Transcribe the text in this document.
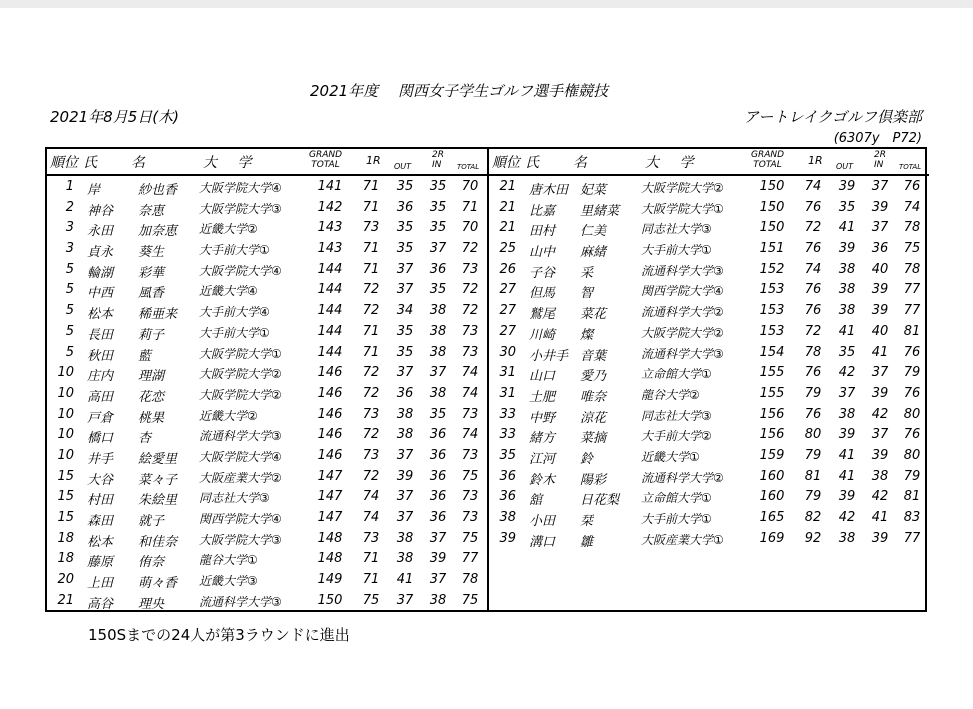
2021年度　 関西女子学生ゴルフ選手権競技
2021年8月5日(木)	アートレイクゴルフ倶楽部
(6307y　P72)
順位 氏　名	大 学	GRAND
TOTAL 1R OUT
2R
IN	TOTAL
1 岸	紗也香 大阪学院大学④	141	71	35	35	70
2 神谷 奈恵	大阪学院大学③	142	71	36	35	71
3 永田 加奈恵 近畿大学②	143	73	35	35	70
3 貞永 葵生	大手前大学①	143	71	35	37	72
5 輪湖 彩華	大阪学院大学④	144	71	37	36	73
5 中西 風香	近畿大学④	144	72	37	35	72
5 松本 稀亜来 大手前大学④	144	72	34	38	72
5 長田 莉子	大手前大学①	144	71	35	38	73
5 秋田 藍	大阪学院大学①	144	71	35	38	73
10 庄内 理湖	大阪学院大学②	146	72	37	37	74
10 高田 花恋	大阪学院大学②	146	72	36	38	74
10 戸倉 桃果	近畿大学②	146	73	38	35	73
10 橋口 杏	流通科学大学③	146	72	38	36	74
10 井手 絵愛里 大阪学院大学④	146	73	37	36	73
15 大谷 菜々子 大阪産業大学②	147	72	39	36	75
15 村田 朱絵里 同志社大学③	147	74	37	36	73
15 森田 就子	関西学院大学④	147	74	37	36	73
18 松本 和佳奈 大阪学院大学③	148	73	38	37	75
18 藤原 侑奈	龍谷大学①	148	71	38	39	77
20 上田 萌々香 近畿大学③	149	71	41	37	78
21 高谷 理央	流通科学大学③	150	75	37	38	75
順位 氏　名	大 学	GRAND
TOTAL 1R OUT
2R
IN	TOTAL
21 唐木田 妃菜	大阪学院大学②	150	74	39	37	76
21 比嘉 里緒菜 大阪学院大学①	150	76	35	39	74
21 田村 仁美	同志社大学③	150	72	41	37	78
25 山中 麻緒	大手前大学①	151	76	39	36	75
26 子谷 采	流通科学大学③	152	74	38	40	78
27 但馬 智	関西学院大学④	153	76	38	39	77
27 鷲尾 菜花	流通科学大学②	153	76	38	39	77
27 川崎 燦	大阪学院大学②	153	72	41	40	81
30 小井手 音葉	流通科学大学③	154	78	35	41	76
31 山口 愛乃	立命館大学①	155	76	42	37	79
31 土肥 唯奈	龍谷大学②	155	79	37	39	76
33 中野 涼花	同志社大学③	156	76	38	42	80
33 緒方 菜摘	大手前大学②	156	80	39	37	76
35 江河 鈴	近畿大学①	159	79	41	39	80
36 鈴木 陽彩	流通科学大学②	160	81	41	38	79
36 舘	日花梨 立命館大学①	160	79	39	42	81
38 小田 栞	大手前大学①	165	82	42	41	83
39 溝口 雛	大阪産業大学①	169	92	38	39	77
150Sまでの24人が第3ラウンドに進出
